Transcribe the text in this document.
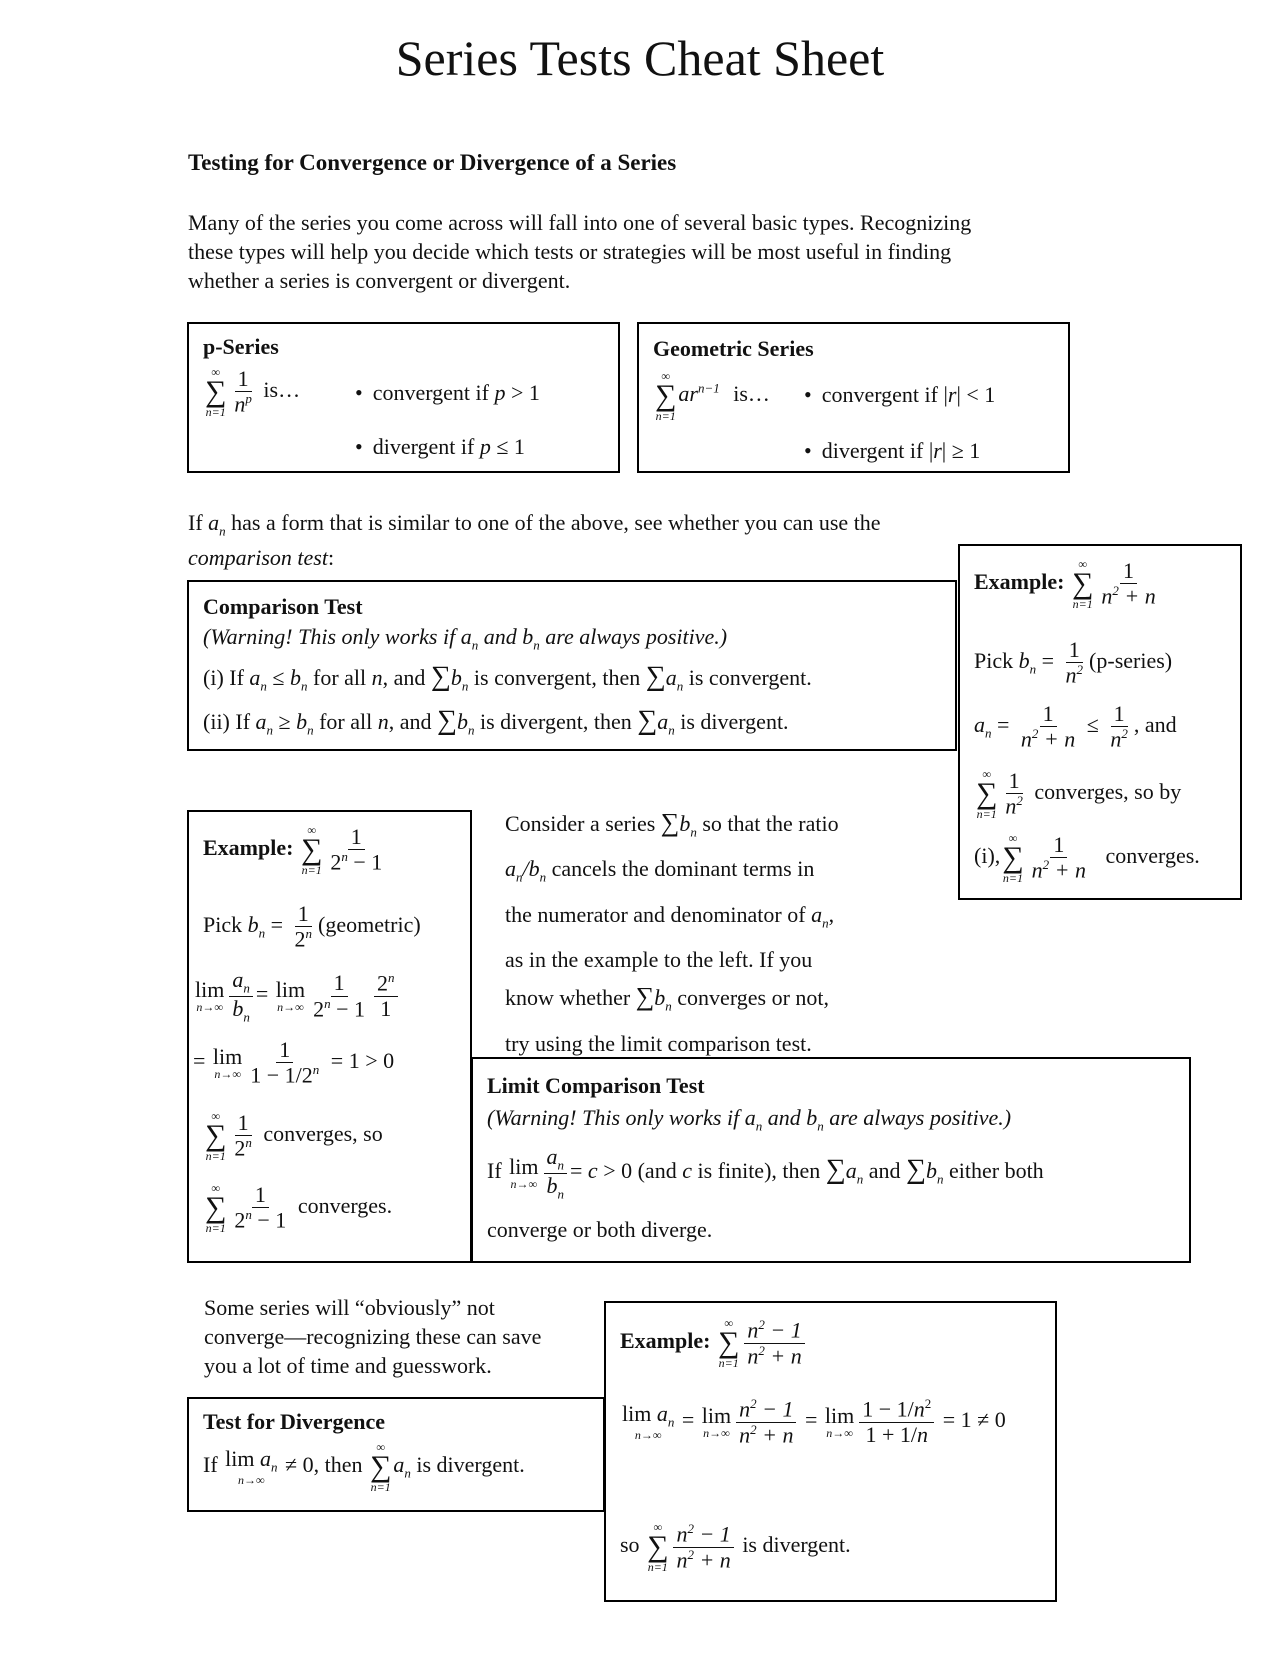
Series Tests Cheat Sheet
Testing for Convergence or Divergence of a Series
Many of the series you come across will fall into one of several basic types. Recognizing
these types will help you decide which tests or strategies will be most useful in finding
whether a series is convergent or divergent.
p-Series
∞
∑
$n=1 \frac{1}{n^p}$ is… • convergent if p > 1
• divergent if p ≤ 1
Geometric Series
∞
∑
n=1
$ar^{n-1}$ is… • convergent if |r| < 1
• divergent if |r| ≥ 1
If $a_n$ has a form that is similar to one of the above, see whether you can use the
comparison test:
Comparison Test
(Warning! This only works if $a_n$ and $b_n$ are always positive.)
(i) If $a_n \le b_n$ for all n, and $\sum b_n$ is convergent, then $\sum a_n$ is convergent.
(ii) If $a_n \ge b_n$ for all n, and $\sum b_n$ is divergent, then $\sum a_n$ is divergent.
Example:
∞
∑
$n=1 \frac{1}{n^2 + n}$
Pick $b_n = \frac{1}{n^2}$ (p-series)
$a_n = \frac{1}{n^2 + n} \le \frac{1}{n^2}$ , and
∞
∑
$n=1 \frac{1}{n^2}$ converges, so by
(i),
∞
∑
$n=1 \frac{1}{n^2 + n}$ converges.
Example:
∞
∑
$n=1 \frac{1}{2^n - 1}$
Pick $b_n = \frac{1}{2^n}$ (geometric)
lim
$n\to\infty \frac{a_n}{b_n} = \lim$
$n\to\infty \frac{1}{2^n - 1} \frac{2^n}{1}$
= lim
$n\to\infty \frac{1}{1 - 1/2^n} = 1 > 0$
∞
∑
$n=1 \frac{1}{2^n}$ converges, so
∞
∑
$n=1 \frac{1}{2^n - 1}$ converges.
Consider a series $\sum b_n$ so that the ratio
$a_n/b_n$ cancels the dominant terms in
the numerator and denominator of $a_n$,
as in the example to the left. If you
know whether $\sum b_n$ converges or not,
try using the limit comparison test.
Limit Comparison Test
(Warning! This only works if $a_n$ and $b_n$ are always positive.)
If lim
$n\to\infty \frac{a_n}{b_n} = c > 0$ (and c is finite), then $\sum a_n$ and $\sum b_n$ either both
converge or both diverge.
Some series will “obviously” not
converge—recognizing these can save
you a lot of time and guesswork.
Test for Divergence
If $\lim a_n$
n→∞
≠ 0, then
∞
∑
n=1
$a_n$ is divergent.
Example:
∞
∑
$n=1 \frac{n^2 - 1}{n^2 + n}$
$\lim a_n$
n→∞
= lim
$n\to\infty \frac{n^2 - 1}{n^2 + n} = \lim$
$n\to\infty \frac{1 - 1/n^2}{1 + 1/n} = 1 \ne 0$
so
∞
∑
$n=1 \frac{n^2 - 1}{n^2 + n}$ is divergent.
